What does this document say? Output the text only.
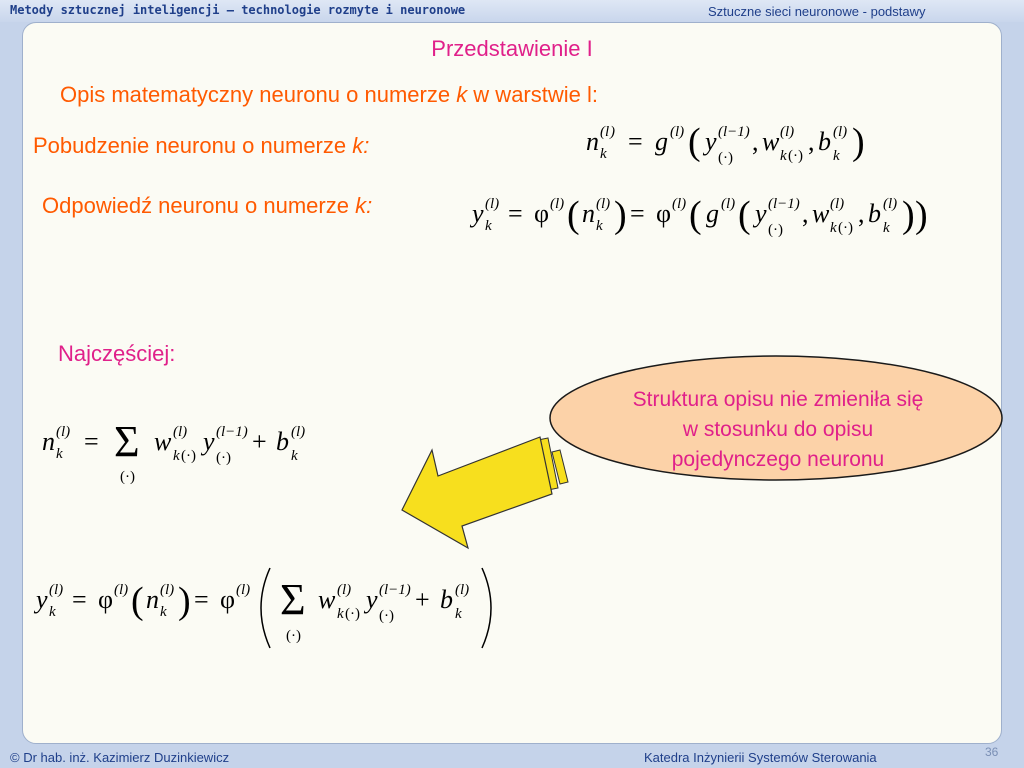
Metody sztucznej inteligencji – technologie rozmyte i neuronowe	Sztuczne sieci neuronowe - podstawy
Przedstawienie I
Opis matematyczny neuronu o numerze k w warstwie l:
Pobudzenie neuronu o numerze k:
Odpowiedź neuronu o numerze k:
Najczęściej:
n ( l )
k = g (l) ( y (l−1)
(·)
, w (l)
k (·) , b (l)
k )
y (l)
k = φ (l) ( n (l)
k ) = φ (l) ( g (l) ( y (l−1)
(·)
, w (l)
k (·) , b (l)
k ) )
Struktura opisu nie zmieniła się
w stosunku do opisu
pojedynczego neuronu
n (l)
k = Σ
(·)
w (l)
k (·) y (l−1)
(·)
+ b (l)
k
y (l)
k = φ (l) ( n (l)
k ) = φ (l) Σ
(·)
w (l)
k (·) y (l−1)
(·)
+ b (l)
k
© Dr hab. inż. Kazimierz Duzinkiewicz	Katedra Inżynierii Systemów Sterowania	36
